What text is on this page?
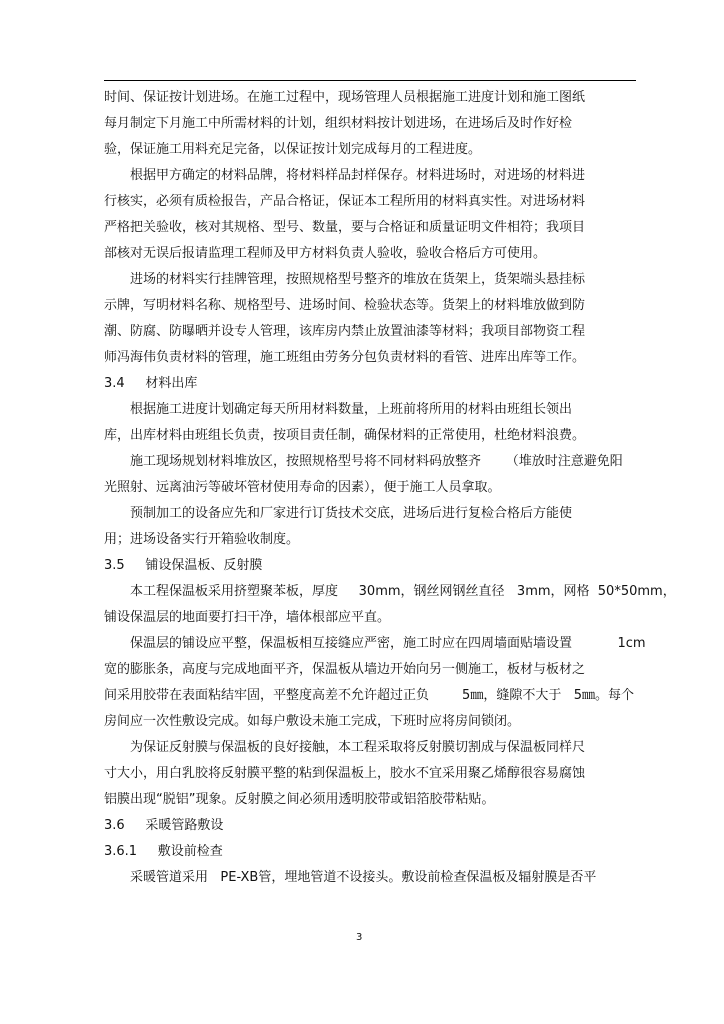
时间、保证按计划进场。在施工过程中，现场管理人员根据施工进度计划和施工图纸
每月制定下月施工中所需材料的计划，组织材料按计划进场，在进场后及时作好检
验，保证施工用料充足完备，以保证按计划完成每月的工程进度。
根据甲方确定的材料品牌，将材料样品封样保存。材料进场时，对进场的材料进
行核实，必须有质检报告，产品合格证，保证本工程所用的材料真实性。对进场材料
严格把关验收，核对其规格、型号、数量，要与合格证和质量证明文件相符；我项目
部核对无误后报请监理工程师及甲方材料负责人验收，验收合格后方可使用。
进场的材料实行挂牌管理，按照规格型号整齐的堆放在货架上，货架端头悬挂标
示牌，写明材料名称、规格型号、进场时间、检验状态等。货架上的材料堆放做到防
潮、防腐、防曝晒并设专人管理，该库房内禁止放置油漆等材料；我项目部物资工程
师冯海伟负责材料的管理，施工班组由劳务分包负责材料的看管、进库出库等工作。
3.4     材料出库
根据施工进度计划确定每天所用材料数量，上班前将所用的材料由班组长领出
库，出库材料由班组长负责，按项目责任制，确保材料的正常使用，杜绝材料浪费。
施工现场规划材料堆放区，按照规格型号将不同材料码放整齐      （堆放时注意避免阳
光照射、远离油污等破坏管材使用寿命的因素），便于施工人员拿取。
预制加工的设备应先和厂家进行订货技术交底，进场后进行复检合格后方能使
用；进场设备实行开箱验收制度。
3.5     铺设保温板、反射膜
本工程保温板采用挤塑聚苯板，厚度     30mm，钢丝网钢丝直径   3mm，网格  50*50mm，
铺设保温层的地面要打扫干净，墙体根部应平直。
保温层的铺设应平整，保温板相互接缝应严密，施工时应在四周墙面贴墙设置           1cm
宽的膨胀条，高度与完成地面平齐，保温板从墙边开始向另一侧施工，板材与板材之
间采用胶带在表面粘结牢固，平整度高差不允许超过正负        5㎜，缝隙不大于   5㎜。每个
房间应一次性敷设完成。如每户敷设未施工完成，下班时应将房间锁闭。
为保证反射膜与保温板的良好接触，本工程采取将反射膜切割成与保温板同样尺
寸大小，用白乳胶将反射膜平整的粘到保温板上，胶水不宜采用聚乙烯醇很容易腐蚀
铝膜出现“脱铝”现象。反射膜之间必须用透明胶带或铝箔胶带粘贴。
3.6     采暖管路敷设
3.6.1     敷设前检查
采暖管道采用   PE-XB管，埋地管道不设接头。敷设前检查保温板及辐射膜是否平
3
